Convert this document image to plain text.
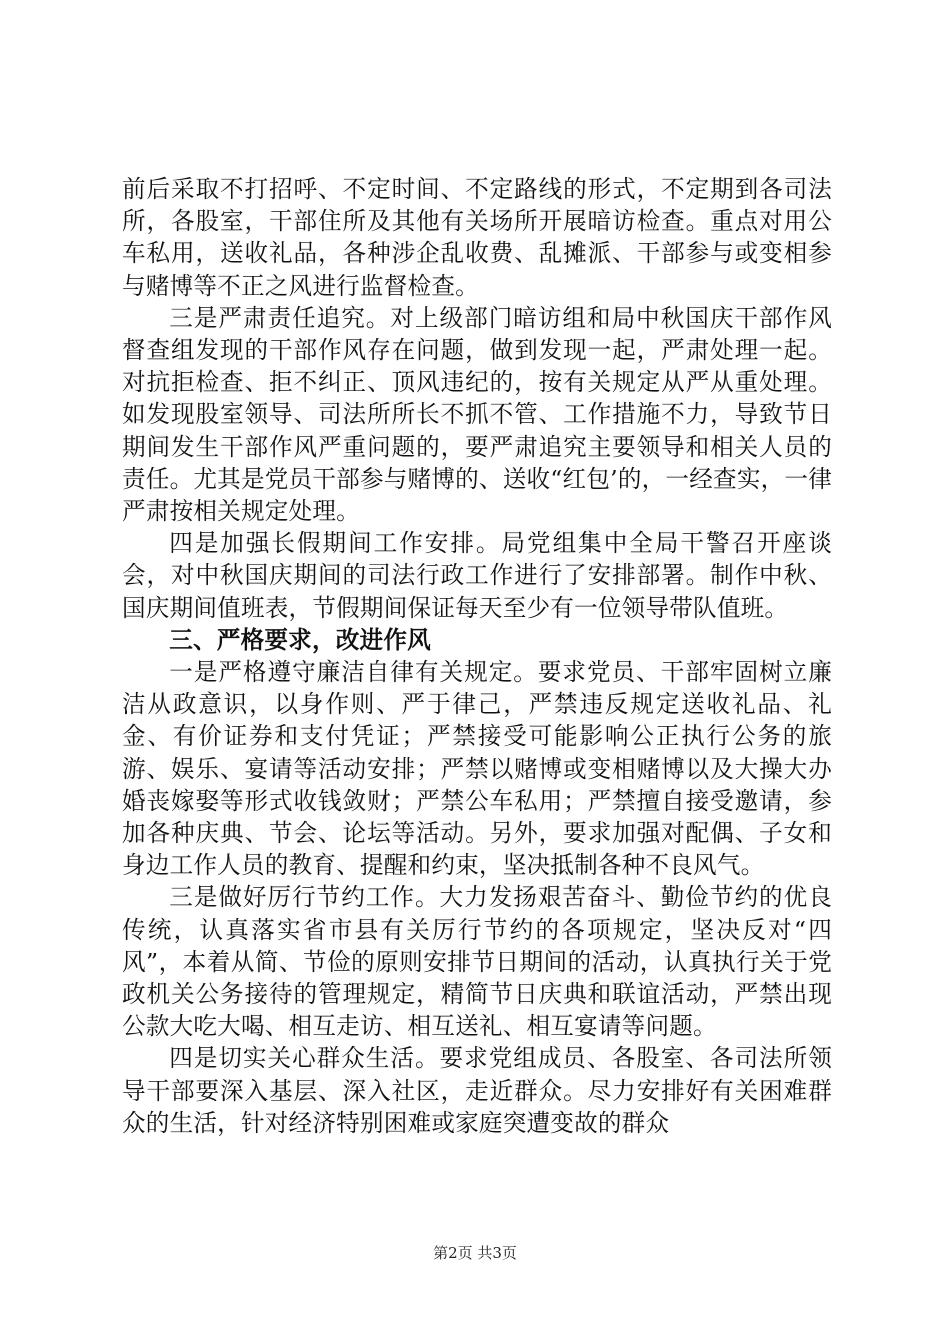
前后采取不打招呼、不定时间、不定路线的形式，不定期到各司法所，各股室，干部住所及其他有关场所开展暗访检查。重点对用公车私用，送收礼品，各种涉企乱收费、乱摊派、干部参与或变相参与赌博等不正之风进行监督检查。

三是严肃责任追究。对上级部门暗访组和局中秋国庆干部作风督查组发现的干部作风存在问题，做到发现一起，严肃处理一起。对抗拒检查、拒不纠正、顶风违纪的，按有关规定从严从重处理。如发现股室领导、司法所所长不抓不管、工作措施不力，导致节日期间发生干部作风严重问题的，要严肃追究主要领导和相关人员的责任。尤其是党员干部参与赌博的、送收“红包’的，一经查实，一律严肃按相关规定处理。

四是加强长假期间工作安排。局党组集中全局干警召开座谈会，对中秋国庆期间的司法行政工作进行了安排部署。制作中秋、国庆期间值班表，节假期间保证每天至少有一位领导带队值班。

三、严格要求，改进作风

一是严格遵守廉洁自律有关规定。要求党员、干部牢固树立廉洁从政意识，以身作则、严于律己，严禁违反规定送收礼品、礼金、有价证券和支付凭证；严禁接受可能影响公正执行公务的旅游、娱乐、宴请等活动安排；严禁以赌博或变相赌博以及大操大办婚丧嫁娶等形式收钱敛财；严禁公车私用；严禁擅自接受邀请，参加各种庆典、节会、论坛等活动。另外，要求加强对配偶、子女和身边工作人员的教育、提醒和约束，坚决抵制各种不良风气。

三是做好厉行节约工作。大力发扬艰苦奋斗、勤俭节约的优良传统，认真落实省市县有关厉行节约的各项规定，坚决反对“四风”，本着从简、节俭的原则安排节日期间的活动，认真执行关于党政机关公务接待的管理规定，精简节日庆典和联谊活动，严禁出现公款大吃大喝、相互走访、相互送礼、相互宴请等问题。

四是切实关心群众生活。要求党组成员、各股室、各司法所领导干部要深入基层、深入社区，走近群众。尽力安排好有关困难群众的生活，针对经济特别困难或家庭突遭变故的群众

第2页 共3页
